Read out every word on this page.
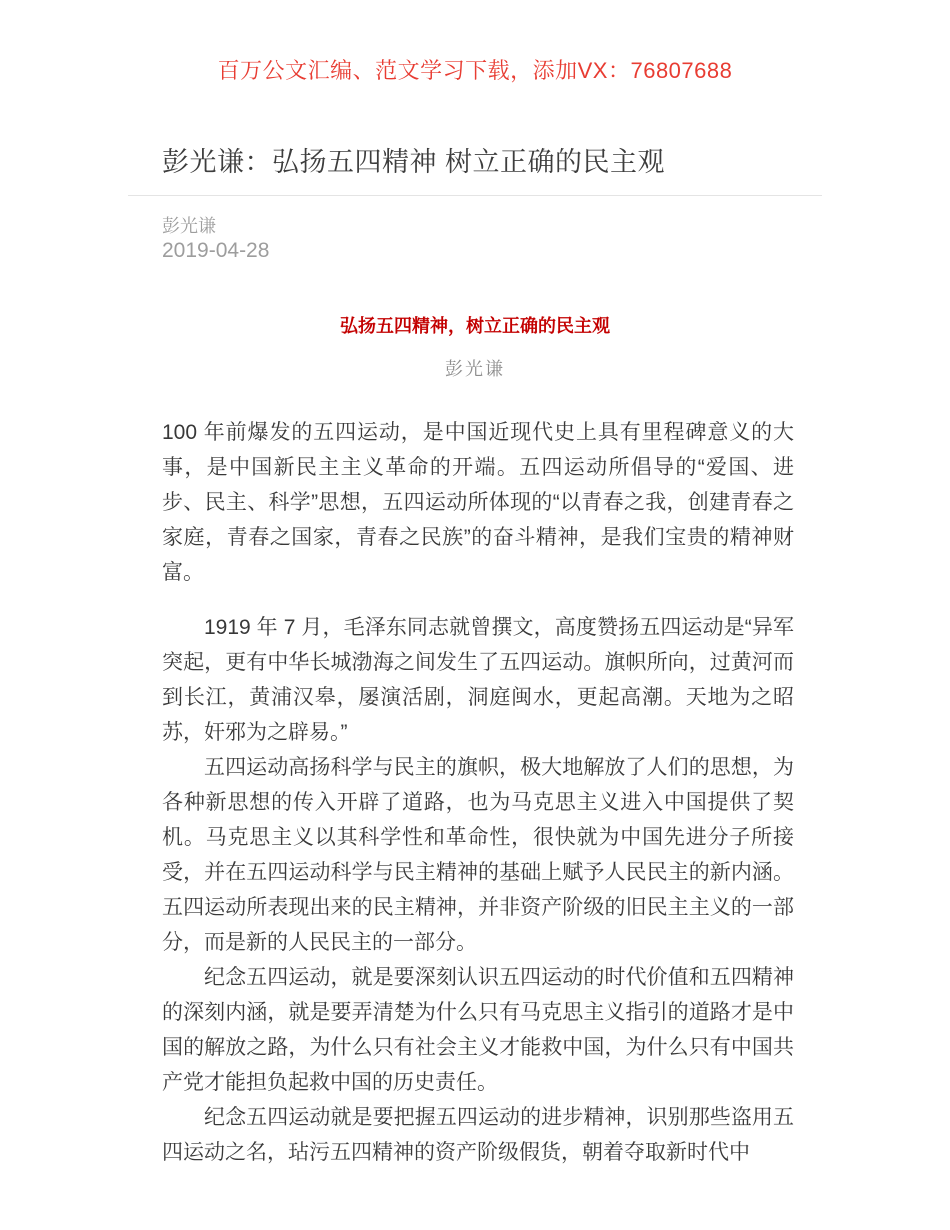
百万公文汇编、范文学习下载，添加VX：76807688
彭光谦：弘扬五四精神 树立正确的民主观
彭光谦
2019-04-28
弘扬五四精神，树立正确的民主观
彭光谦

100 年前爆发的五四运动，是中国近现代史上具有里程碑意义的大事，是中国新民主主义革命的开端。五四运动所倡导的“爱国、进步、民主、科学”思想，五四运动所体现的“以青春之我，创建青春之家庭，青春之国家，青春之民族”的奋斗精神，是我们宝贵的精神财富。

1919 年 7 月，毛泽东同志就曾撰文，高度赞扬五四运动是“异军突起，更有中华长城渤海之间发生了五四运动。旗帜所向，过黄河而到长江，黄浦汉皋，屡演活剧，洞庭闽水，更起高潮。天地为之昭苏，奸邪为之辟易。”

五四运动高扬科学与民主的旗帜，极大地解放了人们的思想，为各种新思想的传入开辟了道路，也为马克思主义进入中国提供了契机。马克思主义以其科学性和革命性，很快就为中国先进分子所接受，并在五四运动科学与民主精神的基础上赋予人民民主的新内涵。五四运动所表现出来的民主精神，并非资产阶级的旧民主主义的一部分，而是新的人民民主的一部分。

纪念五四运动，就是要深刻认识五四运动的时代价值和五四精神的深刻内涵，就是要弄清楚为什么只有马克思主义指引的道路才是中国的解放之路，为什么只有社会主义才能救中国，为什么只有中国共产党才能担负起救中国的历史责任。

纪念五四运动就是要把握五四运动的进步精神，识别那些盗用五四运动之名，玷污五四精神的资产阶级假货，朝着夺取新时代中
